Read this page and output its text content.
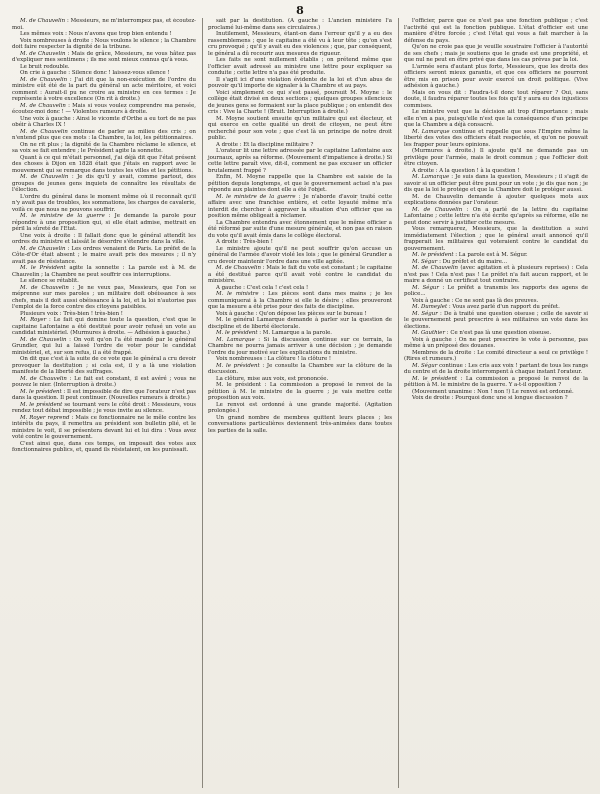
8

M. de Chauvelin : Messieurs, ne m'interrompez pas, et écoutez-moi.

Les mêmes voix : Nous n'avons que trop bien entendu !

Voix nombreuses à droite : Nous voulons le silence ; la Chambre doit faire respecter la dignité de la tribune.

M. de Chauvelin : Mais de grâce, Messieurs, ne vous hâtez pas d'expliquer mes sentimens ; ils me sont mieux connus qu'à vous.

Le bruit redouble.

On crie à gauche : Silence donc ! laissez-vous silence !

M. de Chauvelin : J'ai dit que la non-exécution de l'ordre du ministre eût été de la part du général un acte méritoire, et voici comment : Aurait-il pu ne croire au ministre en ces termes : Je représente à votre excellence (On rit à droite.)

M. de Chauvelin : Mais si vous voulez comprendre ma pensée, écoutez-moi donc ! — Violentes rumeurs à droite.

Une voix à gauche : Ainsi le vicomte d'Orthe a eu tort de ne pas obéir à Charles IX !

M. de Chauvelin continue de parler au milieu des cris ; on n'entend plus que ces mots : la Chambre, la loi, les pétitionnaires.

On ne rit plus ; la dignité de la Chambre réclame le silence, et sa voix se fait entendre ; le Président agite la sonnette.

Quant à ce qui m'était personnel, j'ai déjà dit que l'état présent des choses à Dijon en 1828 était que j'étais en rapport avec le mouvement qui se remarque dans toutes les villes et les pétitions.

M. de Chauvelin : Je dis qu'il y avait, comme partout, des groupes de jeunes gens inquiets de connaître les résultats de l'élection.

L'ordre du général dans le moment même où il reconnaît qu'il n'y avait pas de troubles, les sommations, les charges de cavalerie, voilà ce que nous ne pouvons souffrir.

M. le ministre de la guerre : Je demande la parole pour répondre à une proposition qui, si elle était admise, mettrait en péril la sûreté de l'Etat.

Une voix à droite : Il fallait donc que le général attendît les ordres du ministre et laissât le désordre s'étendre dans la ville.

M. de Chauvelin : Les ordres venaient de Paris. Le préfet de la Côte-d'Or était absent ; le maire avait pris des mesures ; il n'y avait pas de résistance.

M. le Président agite la sonnette : La parole est à M. de Chauvelin ; la Chambre ne peut souffrir ces interruptions.

Le silence se rétablit.

M. de Chauvelin : Je ne veux pas, Messieurs, que l'on se méprenne sur mes paroles ; un militaire doit obéissance à ses chefs, mais il doit aussi obéissance à la loi, et la loi n'autorise pas l'emploi de la force contre des citoyens paisibles.

Plusieurs voix : Très-bien ! très-bien !

M. Royer : Le fait qui domine toute la question, c'est que le capitaine Lafontaine a été destitué pour avoir refusé un vote au candidat ministériel. (Murmures à droite. — Adhésion à gauche.)

M. de Chauvelin : On voit qu'on l'a été mandé par le général Grundler, qui lui a laissé l'ordre de voter pour le candidat ministériel, et, sur son refus, il a été frappé.

On dit que c'est à la suite de ce vote que le général a cru devoir provoquer la destitution ; si cela est, il y a là une violation manifeste de la liberté des suffrages.

M. de Chauvelin : Le fait est constant, il est avéré ; vous ne pouvez le nier. (Interruption à droite.)

M. le président : Il est impossible de dire que l'orateur n'est pas dans la question. Il peut continuer. (Nouvelles rumeurs à droite.)

M. le président se tournant vers le côté droit : Messieurs, vous rendez tout débat impossible ; je vous invite au silence.

M. Royer reprend : Mais ce fonctionnaire ne le mêle contre les intérêts du pays, il remettra au président son bulletin plié, et le ministre le voit, il se présentera devant lui et lui dira : Vous avez voté contre le gouvernement.

C'est ainsi que, dans ces temps, on imposait des votes aux fonctionnaires publics, et, quand ils résistaient, on les punissait.

sait par la destitution. (A gauche : L'ancien ministère l'a proclamé lui-même dans ses circulaires.)

Inutilement, Messieurs, étant-on dans l'erreur qu'il y a eu des rassemblemens ; que le capitaine a été vu à leur tête ; qu'on s'est cru provoqué ; qu'il y avait eu des violences ; que, par conséquent, le général a dû recourir aux mesures de rigueur.

Les faits ne sont nullement établis ; on prétend même que l'officier avait adressé au ministre une lettre pour expliquer sa conduite ; cette lettre n'a pas été produite.

Il s'agit ici d'une violation évidente de la loi et d'un abus de pouvoir qu'il importe de signaler à la Chambre et au pays.

Voici simplement ce qui s'est passé, poursuit M. Moyne : le collège était divisé en deux sections ; quelques groupes silencieux de jeunes gens se formaient sur la place publique ; on entendit des cris : Vive la Charte ! (Bruit. Interruption à droite.)

M. Moyne soutient ensuite qu'un militaire qui est électeur, et qui exerce en cette qualité un droit de citoyen, ne peut être recherché pour son vote ; que c'est là un principe de notre droit public.

A droite : Et la discipline militaire ?

L'orateur lit une lettre adressée par le capitaine Lafontaine aux journaux, après sa réforme. (Mouvement d'impatience à droite.) Si cette lettre paraît vive, dit-il, comment ne pas excuser un officier brutalement frappé ?

Enfin, M. Moyne rappelle que la Chambre est saisie de la pétition depuis longtemps, et que le gouvernement actuel n'a pas répondu aux plaintes dont elle a été l'objet.

M. le ministre de la guerre : Je n'aborde d'avoir traité cette affaire avec une franchise entière, et cette loyauté même m'a interdit de chercher à aggraver la situation d'un officier que sa position même obligeait à réclamer.

La Chambre entendra avec étonnement que le même officier a été réformé par suite d'une mesure générale, et non pas en raison du vote qu'il avait émis dans le collège électoral.

A droite : Très-bien !

Le ministre ajoute qu'il ne peut souffrir qu'on accuse un général de l'armée d'avoir violé les lois ; que le général Grundler a cru devoir maintenir l'ordre dans une ville agitée.

M. de Chauvelin : Mais le fait du vote est constant ; le capitaine a été destitué parce qu'il avait voté contre le candidat du ministère.

A gauche : C'est cela ! c'est cela !

M. le ministre : Les pièces sont dans mes mains ; je les communiquerai à la Chambre si elle le désire ; elles prouveront que la mesure a été prise pour des faits de discipline.

Voix à gauche : Qu'on dépose les pièces sur le bureau !

M. le général Lamarque demande à parler sur la question de discipline et de liberté électorale.

M. le président : M. Lamarque a la parole.

M. Lamarque : Si la discussion continue sur ce terrain, la Chambre ne pourra jamais arriver à une décision ; je demande l'ordre du jour motivé sur les explications du ministre.

Voix nombreuses : La clôture ! la clôture !

M. le président : Je consulte la Chambre sur la clôture de la discussion.

La clôture, mise aux voix, est prononcée.

M. le président : La commission a proposé le renvoi de la pétition à M. le ministre de la guerre ; je vais mettre cette proposition aux voix.

Le renvoi est ordonné à une grande majorité. (Agitation prolongée.)

Un grand nombre de membres quittent leurs places ; les conversations particulières deviennent très-animées dans toutes les parties de la salle.

l'officier, parce que ce n'est pas une fonction publique ; c'est l'activité qui est la fonction publique. L'état d'officier est une manière d'être forcée ; c'est l'état qui vous a fait marcher à la défense du pays.

Qu'on ne croie pas que je veuille soustraire l'officier à l'autorité de ses chefs ; mais je soutiens que le grade est une propriété, et que nul ne peut en être privé que dans les cas prévus par la loi.

L'armée sera d'autant plus forte, Messieurs, que les droits des officiers seront mieux garantis, et que ces officiers ne pourront être mis en prison pour avoir exercé un droit politique. (Vive adhésion à gauche.)

Mais on vous dit : Faudra-t-il donc tout réparer ? Oui, sans doute, il faudra réparer toutes les fois qu'il y aura eu des injustices commises.

Le ministre veut que la décision ait trop d'importance ; mais elle n'en a pas, puisqu'elle n'est que la conséquence d'un principe que la Chambre a déjà consacré.

M. Lamarque continue et rappelle que sous l'Empire même la liberté des votes des officiers était respectée, et qu'on ne pouvait les frapper pour leurs opinions.

(Murmures à droite.) Il ajoute qu'il ne demande pas un privilège pour l'armée, mais le droit commun ; que l'officier doit être citoyen.

A droite : A la question ! à la question !

M. Lamarque : Je suis dans la question, Messieurs ; il s'agit de savoir si un officier peut être puni pour un vote ; je dis que non ; je dis que la loi le protège et que la Chambre doit le protéger aussi.

M. de Chauvelin demande à ajouter quelques mots aux explications données par l'orateur.

M. de Chauvelin : On a parlé de la lettre du capitaine Lafontaine ; cette lettre n'a été écrite qu'après sa réforme, elle ne peut donc servir à justifier cette mesure.

Vous remarquerez, Messieurs, que la destitution a suivi immédiatement l'élection ; que le général avait annoncé qu'il frapperait les militaires qui voteraient contre le candidat du gouvernement.

M. le président : La parole est à M. Ségur.

M. Ségur : Du préfet et du maire...

M. de Chauvelin (avec agitation et à plusieurs reprises) : Cela n'est pas ! Cela n'est pas ! Le préfet n'a fait aucun rapport, et le maire a donné un certificat tout contraire.

M. Ségur : Le préfet a transmis les rapports des agens de police...

Voix à gauche : Ce ne sont pas là des preuves.

M. Dumeylet : Vous avez parlé d'un rapport du préfet.

M. Ségur : De à traité une question oiseuse ; celle de savoir si le gouvernement peut prescrire à ses militaires un vote dans les élections.

M. Gauthier : Ce n'est pas là une question oiseuse.

Voix à gauche : On ne peut prescrire le vote à personne, pas même à un préposé des douanes.

Membres de la droite : Le comité directeur a seul ce privilège ! (Rires et rumeurs.)

M. Ségur continue : Les cris aux voix ! partant de tous les rangs du centre et de la droite interrompent à chaque instant l'orateur.

M. le président : La commission a proposé le renvoi de la pétition à M. le ministre de la guerre. Y a-t-il opposition ?

(Mouvement unanime : Non ! non !) Le renvoi est ordonné.

Voix de droite : Pourquoi donc une si longue discussion ?
